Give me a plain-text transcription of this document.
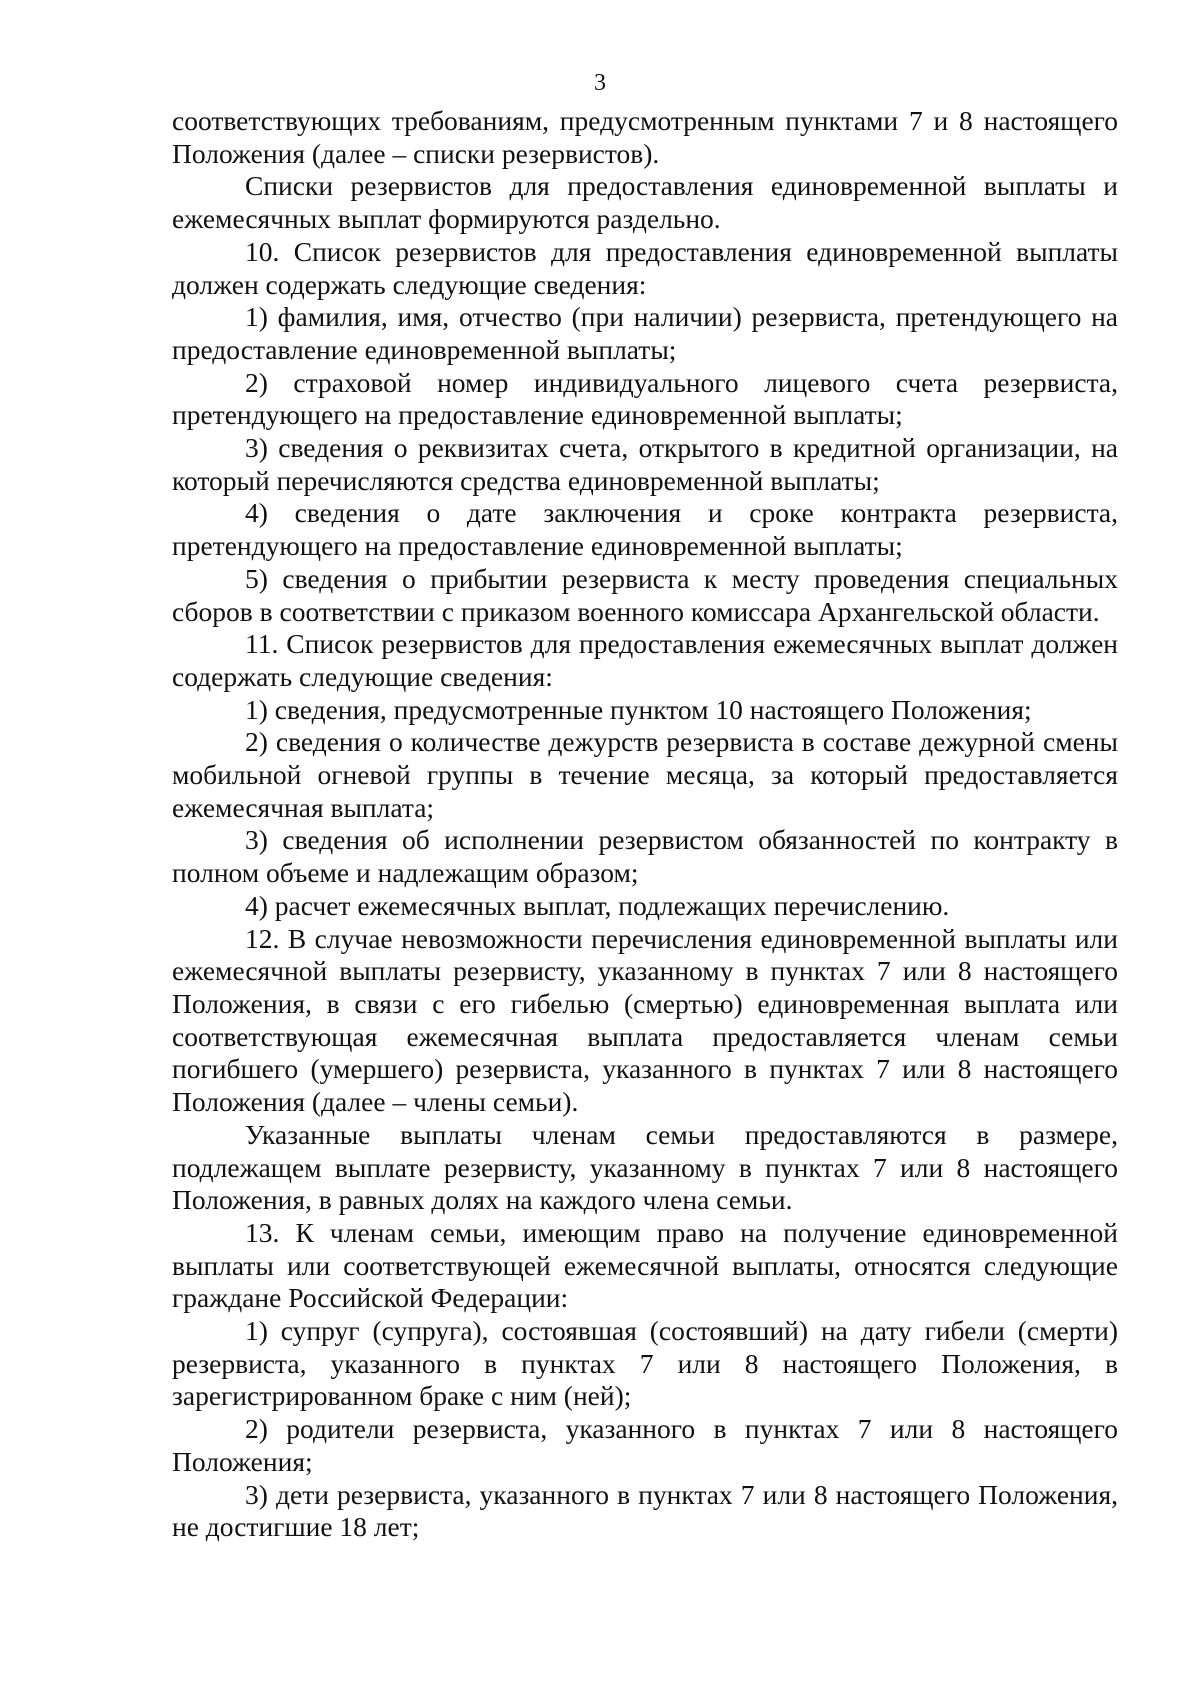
3

соответствующих требованиям, предусмотренным пунктами 7 и 8 настоящего Положения (далее – списки резервистов).

Списки резервистов для предоставления единовременной выплаты и ежемесячных выплат формируются раздельно.

10. Список резервистов для предоставления единовременной выплаты должен содержать следующие сведения:

1) фамилия, имя, отчество (при наличии) резервиста, претендующего на предоставление единовременной выплаты;

2) страховой номер индивидуального лицевого счета резервиста, претендующего на предоставление единовременной выплаты;

3) сведения о реквизитах счета, открытого в кредитной организации, на который перечисляются средства единовременной выплаты;

4) сведения о дате заключения и сроке контракта резервиста, претендующего на предоставление единовременной выплаты;

5) сведения о прибытии резервиста к месту проведения специальных сборов в соответствии с приказом военного комиссара Архангельской области.

11. Список резервистов для предоставления ежемесячных выплат должен содержать следующие сведения:

1) сведения, предусмотренные пунктом 10 настоящего Положения;

2) сведения о количестве дежурств резервиста в составе дежурной смены мобильной огневой группы в течение месяца, за который предоставляется ежемесячная выплата;

3) сведения об исполнении резервистом обязанностей по контракту в полном объеме и надлежащим образом;

4) расчет ежемесячных выплат, подлежащих перечислению.

12. В случае невозможности перечисления единовременной выплаты или ежемесячной выплаты резервисту, указанному в пунктах 7 или 8 настоящего Положения, в связи с его гибелью (смертью) единовременная выплата или соответствующая ежемесячная выплата предоставляется членам семьи погибшего (умершего) резервиста, указанного в пунктах 7 или 8 настоящего Положения (далее – члены семьи).

Указанные выплаты членам семьи предоставляются в размере, подлежащем выплате резервисту, указанному в пунктах 7 или 8 настоящего Положения, в равных долях на каждого члена семьи.

13. К членам семьи, имеющим право на получение единовременной выплаты или соответствующей ежемесячной выплаты, относятся следующие граждане Российской Федерации:

1) супруг (супруга), состоявшая (состоявший) на дату гибели (смерти) резервиста, указанного в пунктах 7 или 8 настоящего Положения, в зарегистрированном браке с ним (ней);

2) родители резервиста, указанного в пунктах 7 или 8 настоящего Положения;

3) дети резервиста, указанного в пунктах 7 или 8 настоящего Положения, не достигшие 18 лет;
